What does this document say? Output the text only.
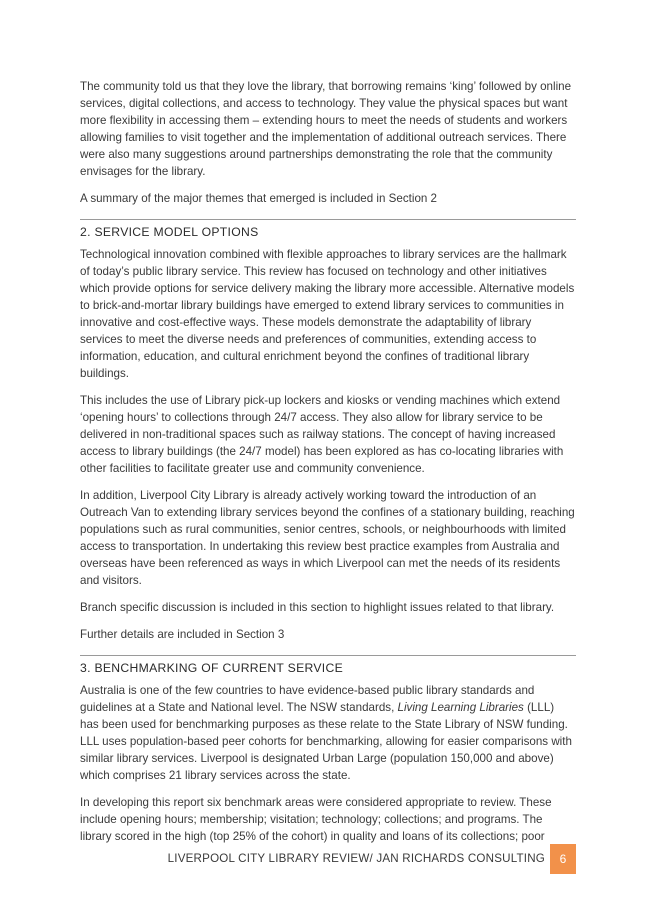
The community told us that they love the library, that borrowing remains ‘king’ followed by online services, digital collections, and access to technology. They value the physical spaces but want more flexibility in accessing them – extending hours to meet the needs of students and workers allowing families to visit together and the implementation of additional outreach services. There were also many suggestions around partnerships demonstrating the role that the community envisages for the library.

A summary of the major themes that emerged is included in Section 2

2. SERVICE MODEL OPTIONS

Technological innovation combined with flexible approaches to library services are the hallmark of today’s public library service. This review has focused on technology and other initiatives which provide options for service delivery making the library more accessible. Alternative models to brick-and-mortar library buildings have emerged to extend library services to communities in innovative and cost-effective ways. These models demonstrate the adaptability of library services to meet the diverse needs and preferences of communities, extending access to information, education, and cultural enrichment beyond the confines of traditional library buildings.

This includes the use of Library pick-up lockers and kiosks or vending machines which extend ‘opening hours’ to collections through 24/7 access. They also allow for library service to be delivered in non-traditional spaces such as railway stations. The concept of having increased access to library buildings (the 24/7 model) has been explored as has co-locating libraries with other facilities to facilitate greater use and community convenience.

In addition, Liverpool City Library is already actively working toward the introduction of an Outreach Van to extending library services beyond the confines of a stationary building, reaching populations such as rural communities, senior centres, schools, or neighbourhoods with limited access to transportation. In undertaking this review best practice examples from Australia and overseas have been referenced as ways in which Liverpool can met the needs of its residents and visitors.

Branch specific discussion is included in this section to highlight issues related to that library.

Further details are included in Section 3

3. BENCHMARKING OF CURRENT SERVICE

Australia is one of the few countries to have evidence-based public library standards and guidelines at a State and National level. The NSW standards, Living Learning Libraries (LLL) has been used for benchmarking purposes as these relate to the State Library of NSW funding. LLL uses population-based peer cohorts for benchmarking, allowing for easier comparisons with similar library services. Liverpool is designated Urban Large (population 150,000 and above) which comprises 21 library services across the state.

In developing this report six benchmark areas were considered appropriate to review. These include opening hours; membership; visitation; technology; collections; and programs. The library scored in the high (top 25% of the cohort) in quality and loans of its collections; poor

LIVERPOOL CITY LIBRARY REVIEW/ JAN RICHARDS CONSULTING	6
